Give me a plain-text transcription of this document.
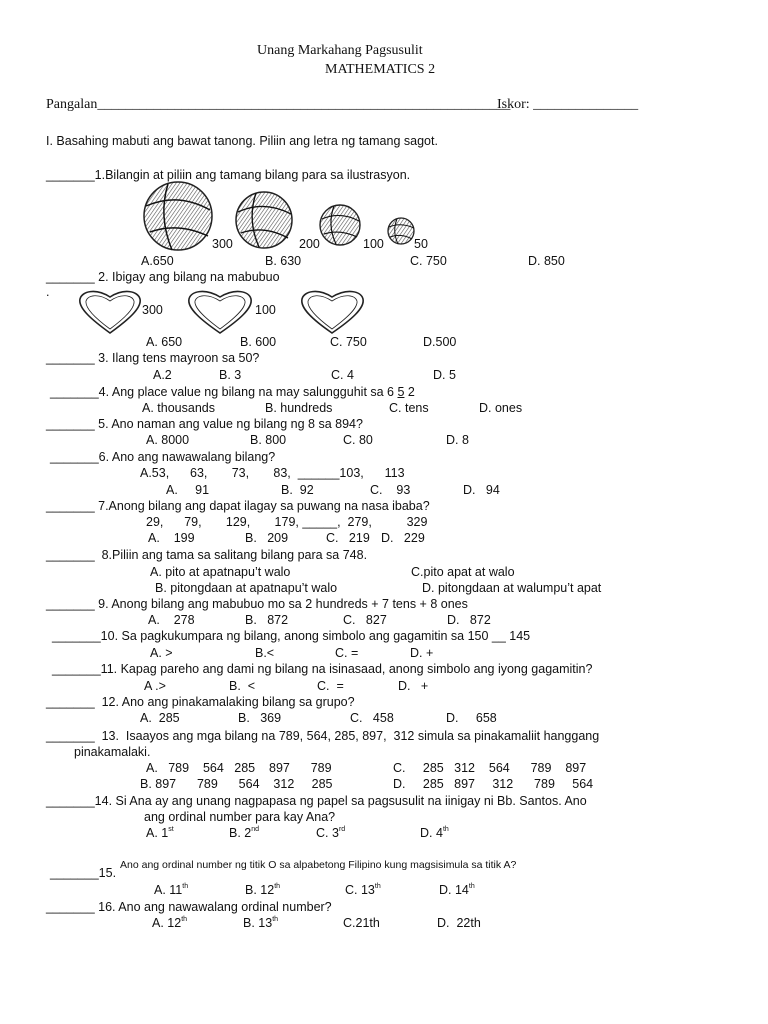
Unang Markahang Pagsusulit
MATHEMATICS 2
Pangalan___________________________________________________________
Iskor: _______________
I. Basahing mabuti ang bawat tanong. Piliin ang letra ng tamang sagot.
_______1.Bilangin at piliin ang tamang bilang para sa ilustrasyon.
300	200	100 50
A.650	B. 630	C. 750	D. 850
_______ 2. Ibigay ang bilang na mabubuo
.
300	100
A. 650	B. 600	C. 750	D.500
_______ 3. Ilang tens mayroon sa 50?
A.2	B. 3	C. 4	D. 5
_______4. Ang place value ng bilang na may salungguhit sa 6 5 2
A. thousands	B. hundreds	C. tens	D. ones
_______ 5. Ano naman ang value ng bilang ng 8 sa 894?
A. 8000	B. 800	C. 80	D. 8
_______6. Ano ang nawawalang bilang?
A.53,      63,       73,       83,  ______103,      113
A.     91	B.  92	C.    93	D.   94
_______ 7.Anong bilang ang dapat ilagay sa puwang na nasa ibaba?
29,      79,       129,       179, _____,  279,          329
A.    199	B.   209	C.   219 D.   229
_______  8.Piliin ang tama sa salitang bilang para sa 748.
A. pito at apatnapu’t walo	C.pito apat at walo
B. pitongdaan at apatnapu’t walo	D. pitongdaan at walumpu’t apat
_______ 9. Anong bilang ang mabubuo mo sa 2 hundreds + 7 tens + 8 ones
A.    278	B.   872	C.   827	D.   872
_______10. Sa pagkukumpara ng bilang, anong simbolo ang gagamitin sa 150 __ 145
A. >	B.<	C. =	D. +
_______11. Kapag pareho ang dami ng bilang na isinasaad, anong simbolo ang iyong gagamitin?
A .>	B.  <	C.  =	D.   +
_______  12. Ano ang pinakamalaking bilang sa grupo?
A.  285	B.   369	C.   458	D.     658
_______  13.  Isaayos ang mga bilang na 789, 564, 285, 897,  312 simula sa pinakamaliit hanggang
pinakamalaki.
A.   789    564   285    897      789	C.     285   312    564      789    897
B. 897      789      564    312     285	D.     285   897     312      789     564
_______14. Si Ana ay ang unang nagpapasa ng papel sa pagsusulit na iinigay ni Bb. Santos. Ano
ang ordinal number para kay Ana?
A. 1st	B. 2nd	C. 3rd	D. 4th
_______15.
Ano ang ordinal number ng titik O sa alpabetong Filipino kung magsisimula sa titik A?
A. 11th	B. 12th	C. 13th	D. 14th
_______ 16. Ano ang nawawalang ordinal number?
A. 12th	B. 13th	C.21th	D.  22th
